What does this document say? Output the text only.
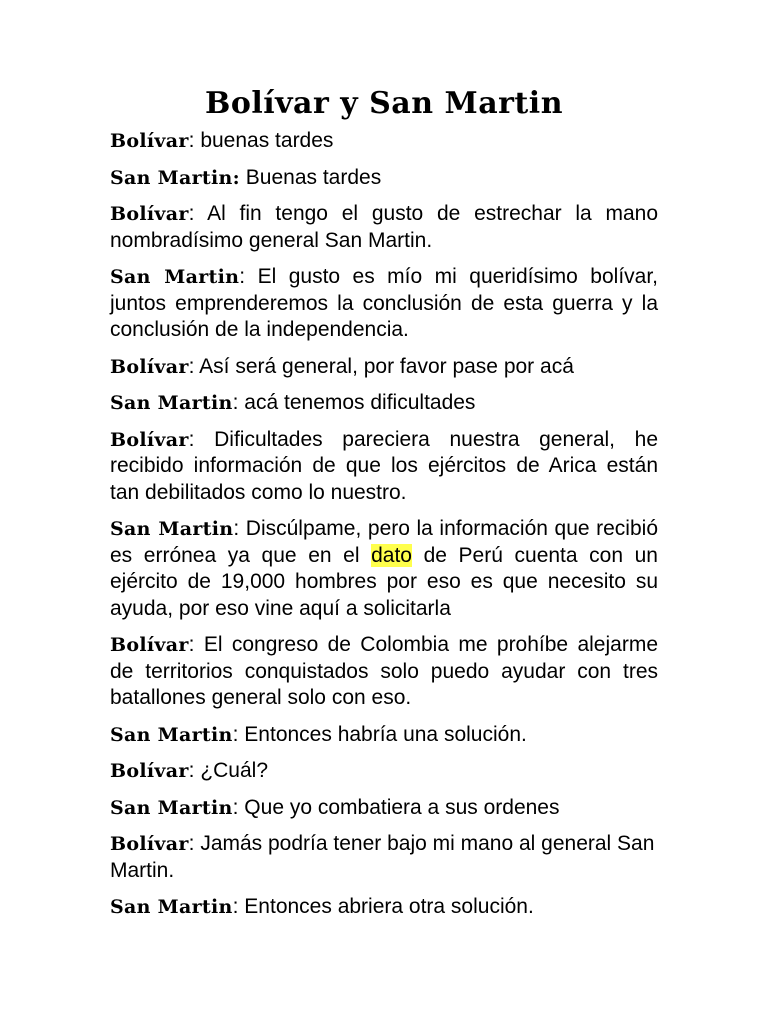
Bolívar y San Martin

Bolívar: buenas tardes

San Martin: Buenas tardes

Bolívar: Al fin tengo el gusto de estrechar la mano nombradísimo general San Martin.

San Martin: El gusto es mío mi queridísimo bolívar, juntos emprenderemos la conclusión de esta guerra y la conclusión de la independencia.

Bolívar: Así será general, por favor pase por acá

San Martin: acá tenemos dificultades

Bolívar: Dificultades pareciera nuestra general, he recibido información de que los ejércitos de Arica están tan debilitados como lo nuestro.

San Martin: Discúlpame, pero la información que recibió es errónea ya que en el dato de Perú cuenta con un ejército de 19,000 hombres por eso es que necesito su ayuda, por eso vine aquí a solicitarla

Bolívar: El congreso de Colombia me prohíbe alejarme de territorios conquistados solo puedo ayudar con tres batallones general solo con eso.

San Martin: Entonces habría una solución.

Bolívar: ¿Cuál?

San Martin: Que yo combatiera a sus ordenes

Bolívar: Jamás podría tener bajo mi mano al general San Martin.

San Martin: Entonces abriera otra solución.
